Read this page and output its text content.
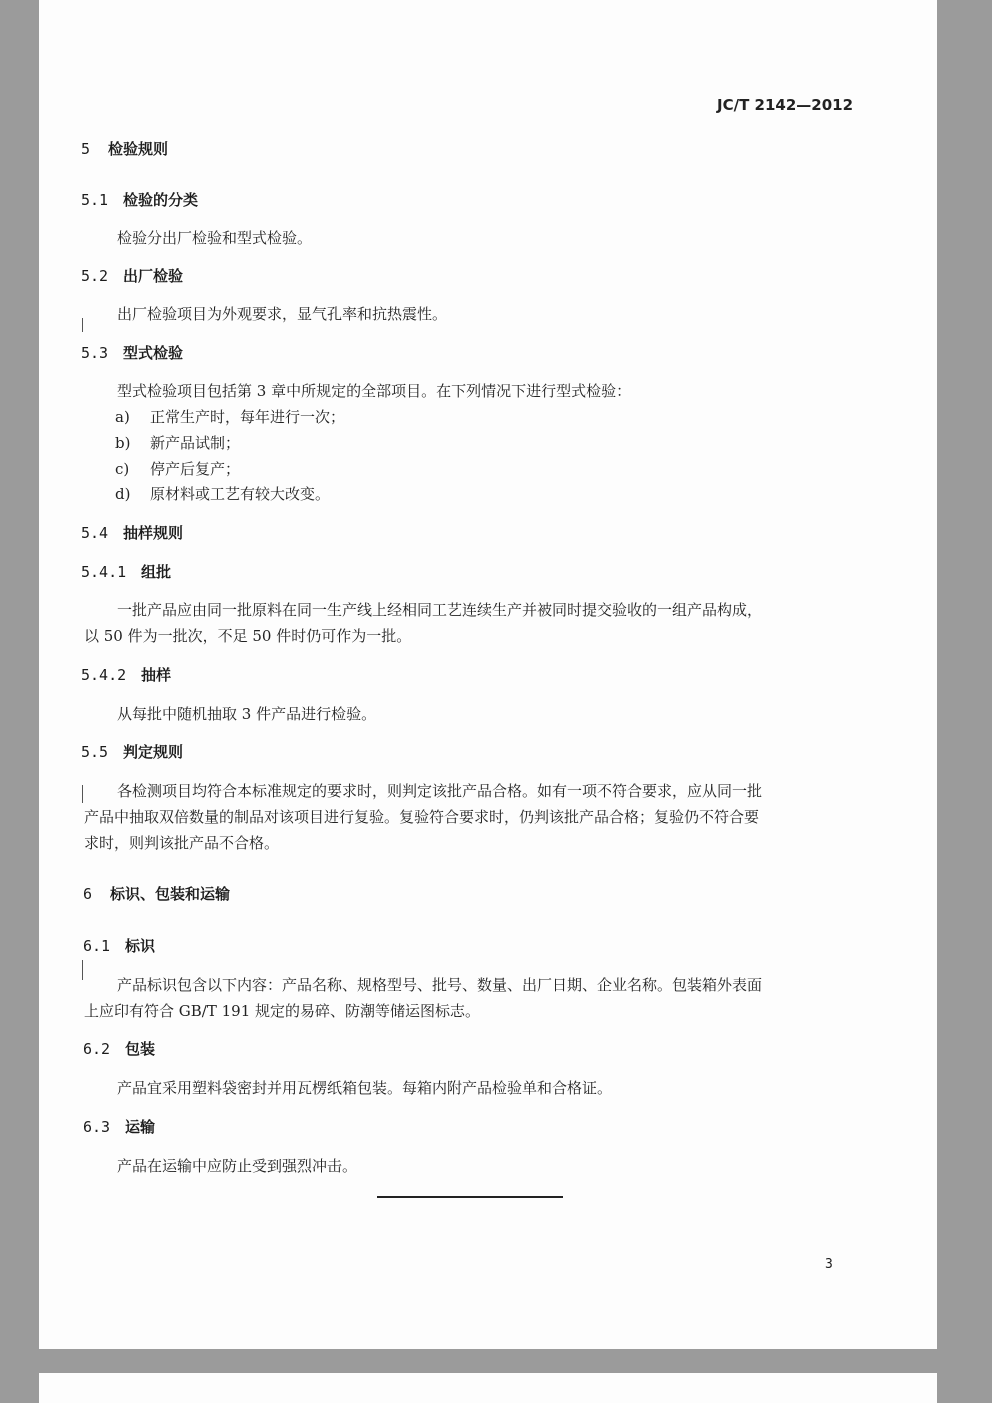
JC/T 2142—2012
5 检验规则
5.1 检验的分类
检验分出厂检验和型式检验。
5.2 出厂检验
出厂检验项目为外观要求，显气孔率和抗热震性。
5.3 型式检验
型式检验项目包括第 3 章中所规定的全部项目。在下列情况下进行型式检验：
a) 正常生产时，每年进行一次；
b) 新产品试制；
c) 停产后复产；
d) 原材料或工艺有较大改变。
5.4 抽样规则
5.4.1 组批
一批产品应由同一批原料在同一生产线上经相同工艺连续生产并被同时提交验收的一组产品构成，
以 50 件为一批次，不足 50 件时仍可作为一批。
5.4.2 抽样
从每批中随机抽取 3 件产品进行检验。
5.5 判定规则
各检测项目均符合本标准规定的要求时，则判定该批产品合格。如有一项不符合要求，应从同一批
产品中抽取双倍数量的制品对该项目进行复验。复验符合要求时，仍判该批产品合格；复验仍不符合要
求时，则判该批产品不合格。
6 标识、包装和运输
6.1 标识
产品标识包含以下内容：产品名称、规格型号、批号、数量、出厂日期、企业名称。包装箱外表面
上应印有符合 GB/T 191 规定的易碎、防潮等储运图标志。
6.2 包装
产品宜采用塑料袋密封并用瓦楞纸箱包装。每箱内附产品检验单和合格证。
6.3 运输
产品在运输中应防止受到强烈冲击。
3
